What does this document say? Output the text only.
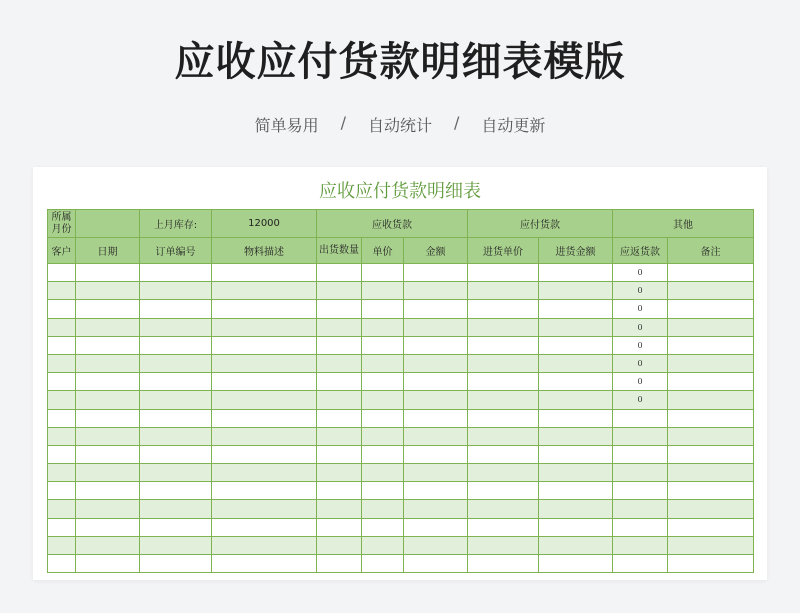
应收应付货款明细表模版
简单易用 / 自动统计 / 自动更新
应收应付货款明细表
所属月份		上月库存:	12000	应收货款			应付货款		其他	
客户	日期	订单编号	物料描述	出货数量	单价	金额	进货单价	进货金额	应返货款	备注
									0	
									0	
									0	
									0	
									0	
									0	
									0	
									0	
